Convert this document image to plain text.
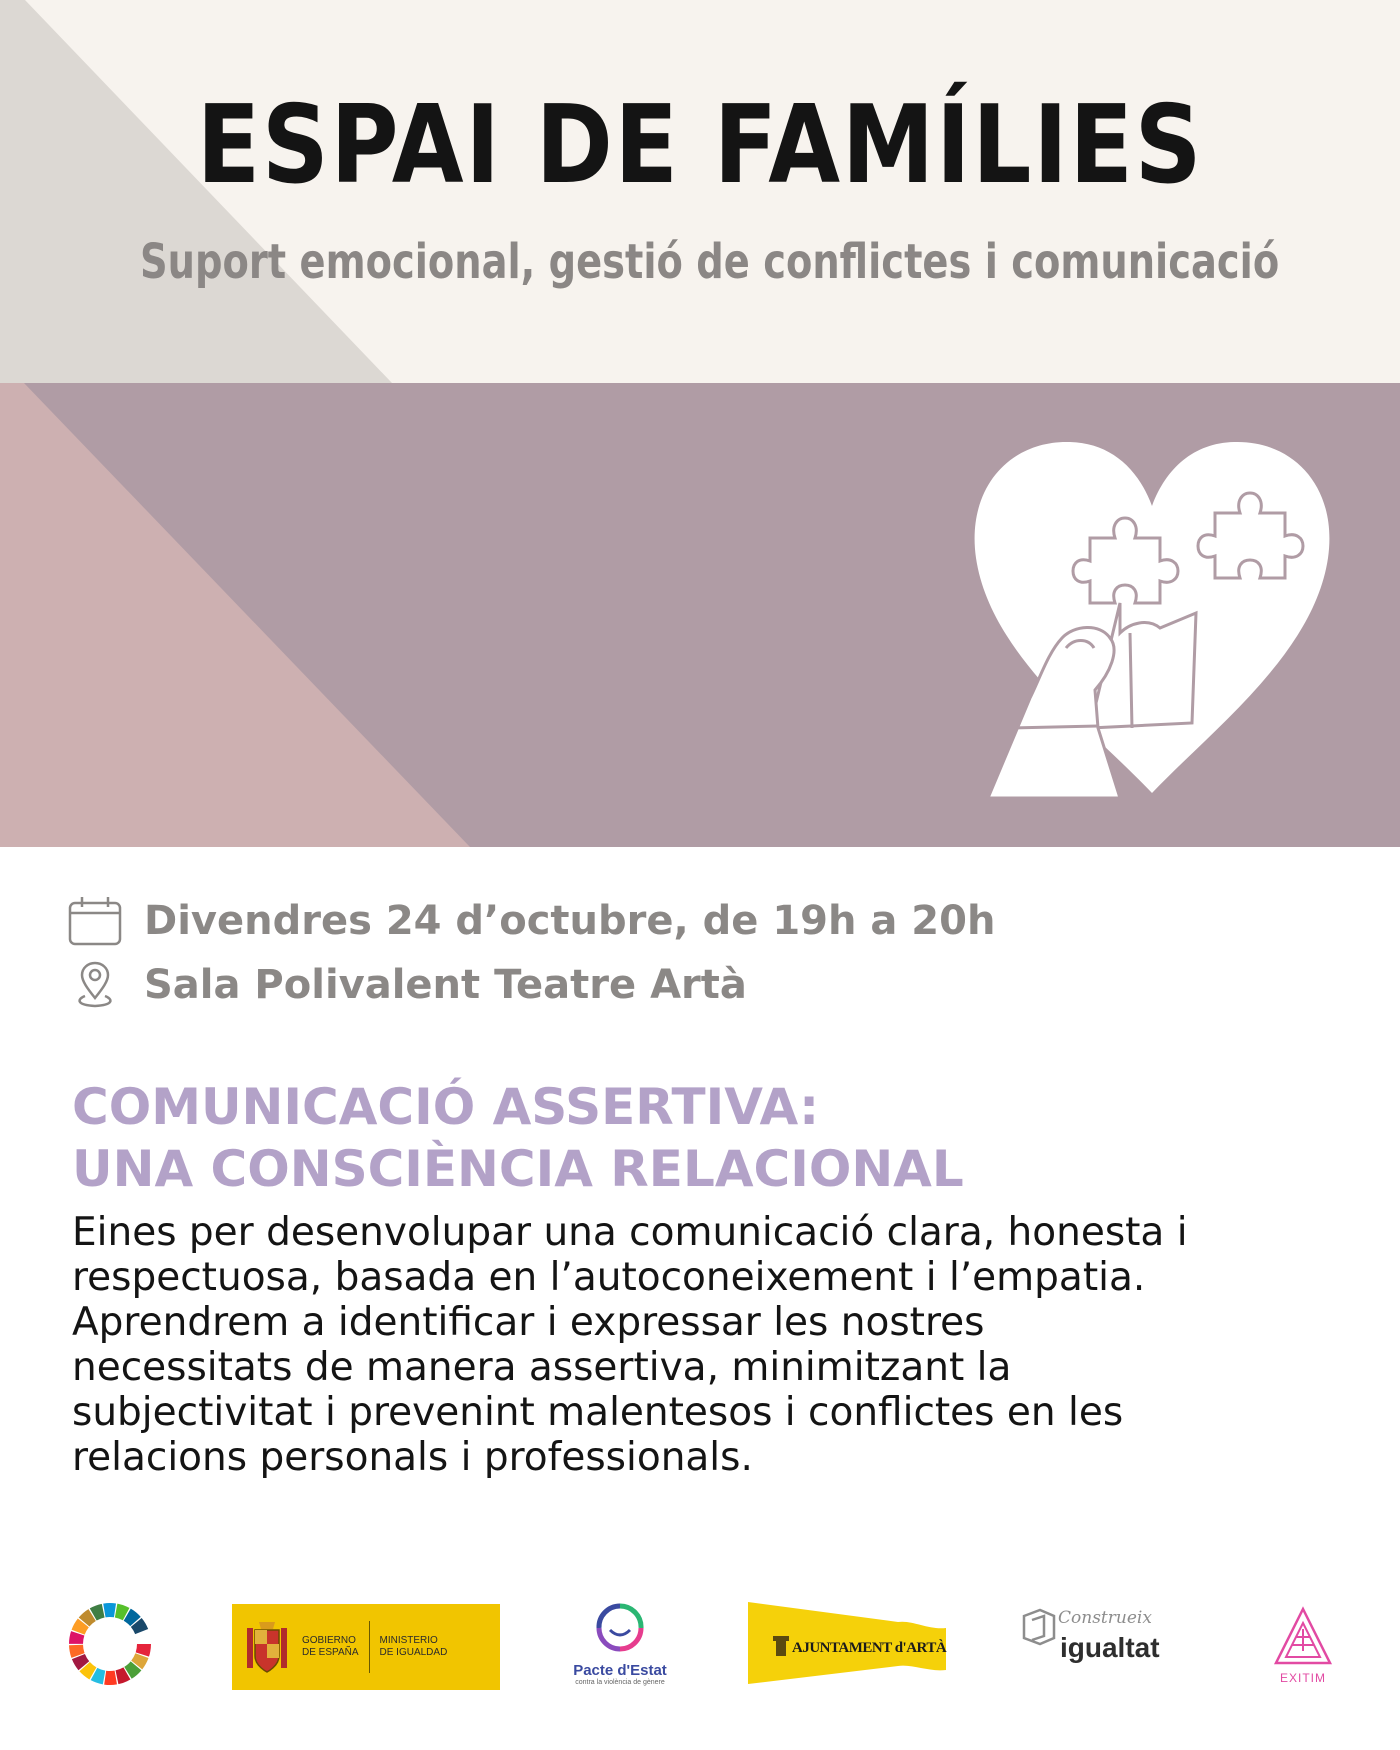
ESPAI DE FAMÍLIES
Suport emocional, gestió de conflictes i comunicació
Divendres 24 d’octubre, de 19h a 20h
Sala Polivalent Teatre Artà
COMUNICACIÓ ASSERTIVA:
UNA CONSCIÈNCIA RELACIONAL

Eines per desenvolupar una comunicació clara, honesta i
respectuosa, basada en l’autoconeixement i l’empatia.
Aprendrem a identificar i expressar les nostres
necessitats de manera assertiva, minimitzant la
subjectivitat i prevenint malentesos i conflictes en les
relacions personals i professionals.

GOBIERNO
DE ESPAÑA
MINISTERIO
DE IGUALDAD
Pacte d'Estat
contra la violència de gènere
AJUNTAMENT d'ARTÀ
Construeix
igualtat
EXITIM
